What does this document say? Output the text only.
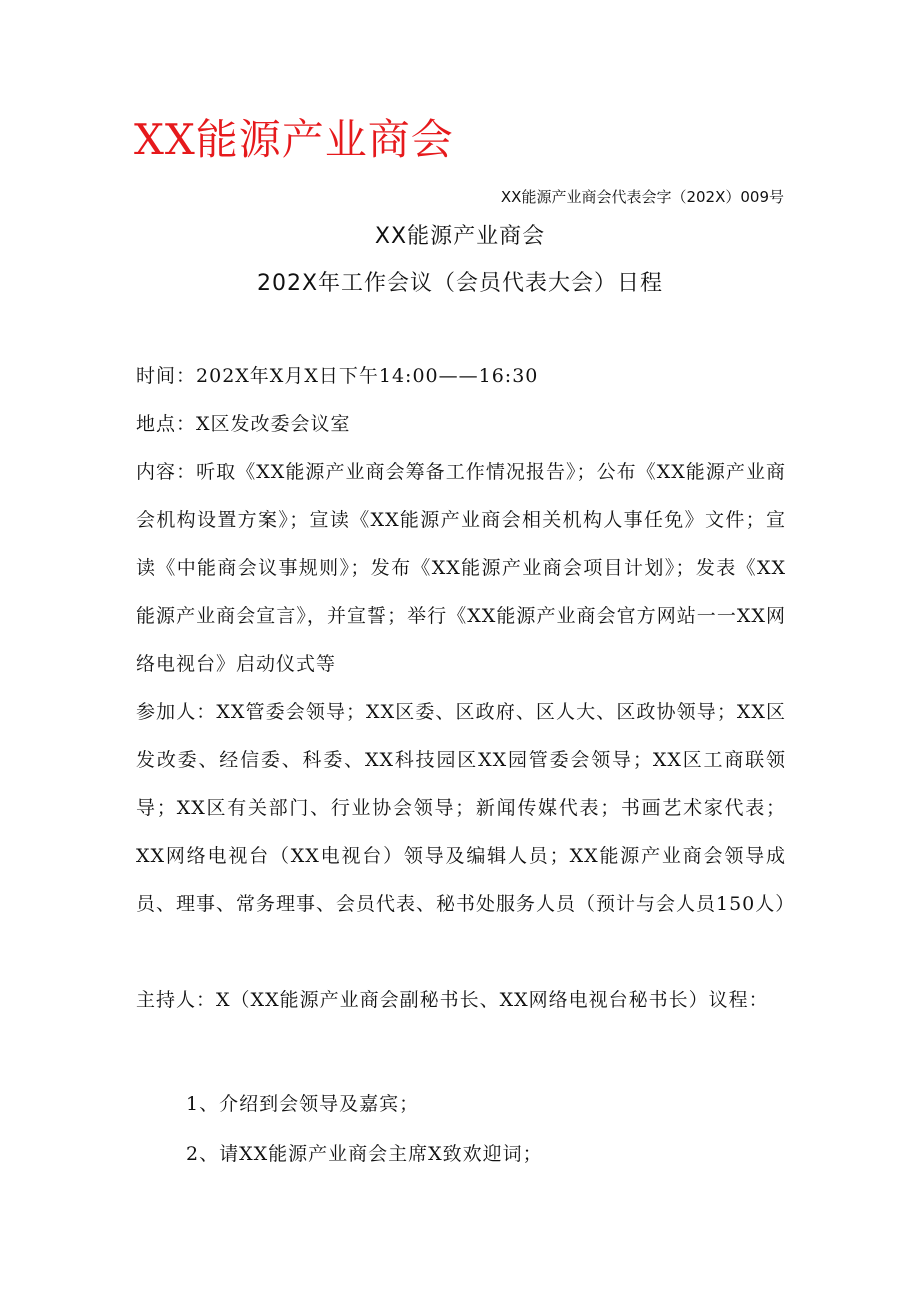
XX能源产业商会
XX能源产业商会代表会字（202X）009号
XX能源产业商会
202X年工作会议（会员代表大会）日程
时间：202X年X月X日下午14:00——16:30
地点：X区发改委会议室
内容：听取《XX能源产业商会筹备工作情况报告》；公布《XX能源产业商会机构设置方案》；宣读《XX能源产业商会相关机构人事任免》文件；宣读《中能商会议事规则》；发布《XX能源产业商会项目计划》；发表《XX能源产业商会宣言》，并宣誓；举行《XX能源产业商会官方网站一一XX网络电视台》启动仪式等
参加人：XX管委会领导；XX区委、区政府、区人大、区政协领导；XX区发改委、经信委、科委、XX科技园区XX园管委会领导；XX区工商联领导；XX区有关部门、行业协会领导；新闻传媒代表；书画艺术家代表；XX网络电视台（XX电视台）领导及编辑人员；XX能源产业商会领导成员、理事、常务理事、会员代表、秘书处服务人员（预计与会人员150人）
主持人：X（XX能源产业商会副秘书长、XX网络电视台秘书长）议程：
1、介绍到会领导及嘉宾；
2、请XX能源产业商会主席X致欢迎词；
